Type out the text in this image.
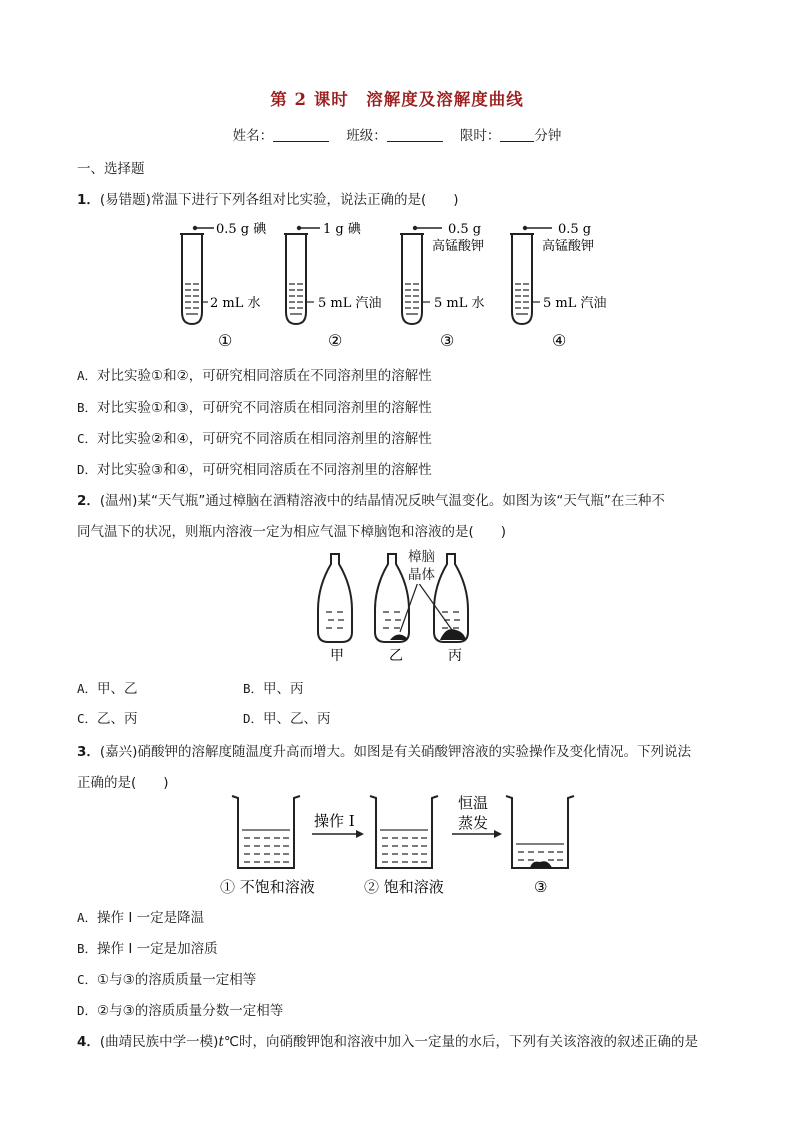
第 2 课时　溶解度及溶解度曲线
姓名：	班级：	限时：	分钟
一、选择题
1．(易错题)常温下进行下列各组对比实验，说法正确的是(　　)
0.5 g 碘
2 mL 水
①
1 g 碘
5 mL 汽油
②
0.5 g
高锰酸钾
5 mL 水
③
0.5 g
高锰酸钾
5 mL 汽油
④
A．对比实验①和②，可研究相同溶质在不同溶剂里的溶解性
B．对比实验①和③，可研究不同溶质在相同溶剂里的溶解性
C．对比实验②和④，可研究不同溶质在相同溶剂里的溶解性
D．对比实验③和④，可研究相同溶质在不同溶剂里的溶解性
2．(温州)某“天气瓶”通过樟脑在酒精溶液中的结晶情况反映气温变化。如图为该“天气瓶”在三种不
同气温下的状况，则瓶内溶液一定为相应气温下樟脑饱和溶液的是(　　)
甲	乙	丙
樟脑
晶体
A．甲、乙	B．甲、丙
C．乙、丙	D．甲、乙、丙
3．(嘉兴)硝酸钾的溶解度随温度升高而增大。如图是有关硝酸钾溶液的实验操作及变化情况。下列说法
正确的是(　　)
操作 I
恒温
蒸发
① 不饱和溶液	② 饱和溶液	③
A．操作 I 一定是降温
B．操作 I 一定是加溶质
C．①与③的溶质质量一定相等
D．②与③的溶质质量分数一定相等
4．(曲靖民族中学一模)t℃时，向硝酸钾饱和溶液中加入一定量的水后，下列有关该溶液的叙述正确的是
